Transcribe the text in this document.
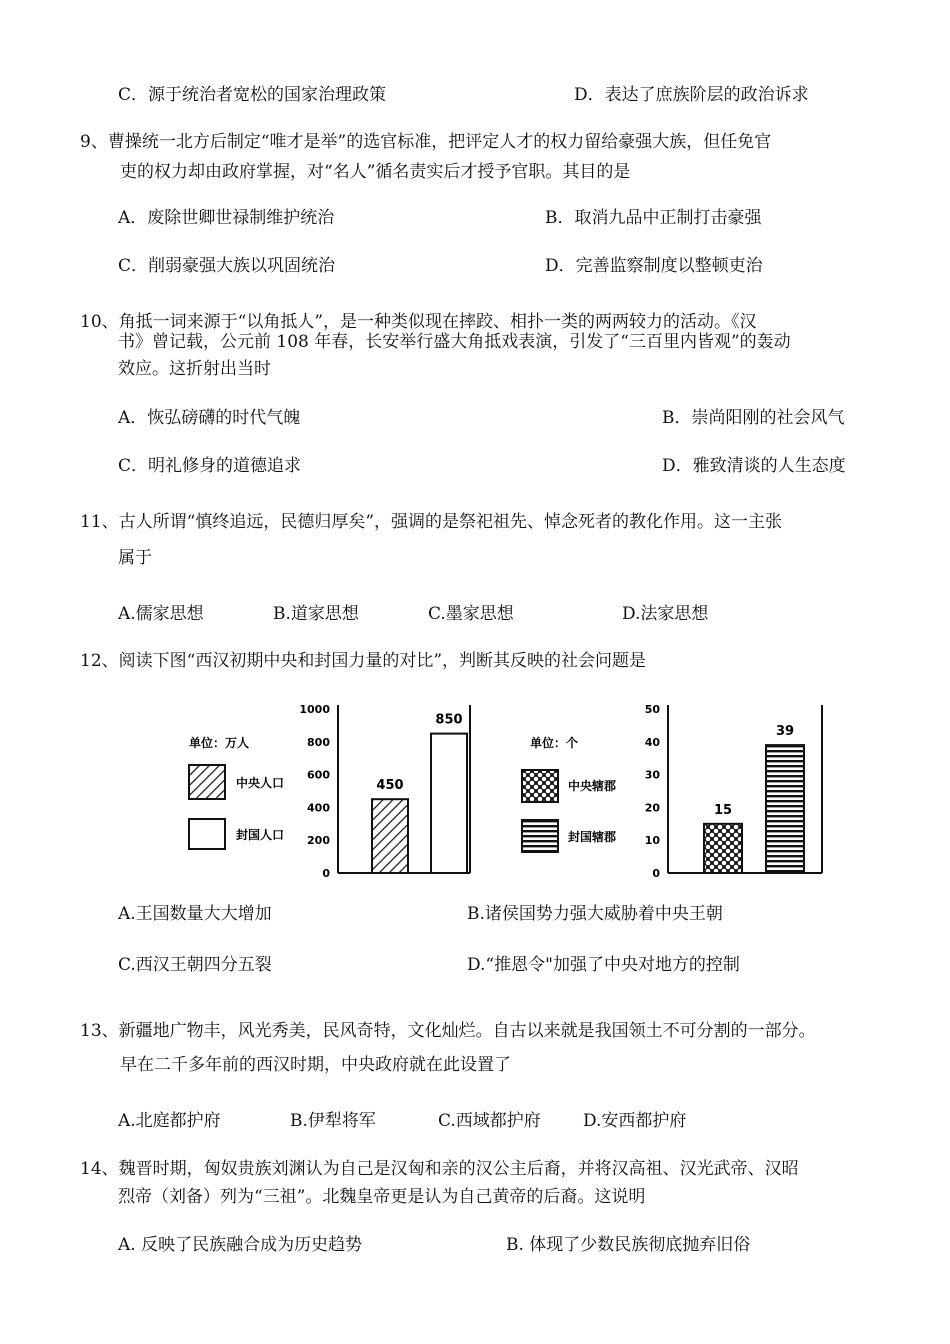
C．源于统治者宽松的国家治理政策	D．表达了庶族阶层的政治诉求
9、曹操统一北方后制定“唯才是举”的选官标准，把评定人才的权力留给豪强大族，但任免官
吏的权力却由政府掌握，对“名人”循名责实后才授予官职。其目的是
A．废除世卿世禄制维护统治	B．取消九品中正制打击豪强
C．削弱豪强大族以巩固统治	D．完善监察制度以整顿吏治
10、角抵一词来源于“以角抵人”，是一种类似现在摔跤、相扑一类的两两较力的活动。《汉
书》曾记载，公元前 108 年春，长安举行盛大角抵戏表演，引发了“三百里内皆观”的轰动
效应。这折射出当时
A．恢弘磅礴的时代气魄	B．崇尚阳刚的社会风气
C．明礼修身的道德追求	D．雅致清谈的人生态度
11、古人所谓“慎终追远，民德归厚矣”，强调的是祭祀祖先、悼念死者的教化作用。这一主张
属于
A.儒家思想	B.道家思想	C.墨家思想	D.法家思想
12、阅读下图“西汉初期中央和封国力量的对比”，判断其反映的社会问题是
单位：万人
中央人口
封国人口
0
200
400
600
800
1000
450
850
单位：个
中央辖郡
封国辖郡
0
10
20
30
40
50
15
39
A.王国数量大大增加	B.诸侯国势力强大威胁着中央王朝
C.西汉王朝四分五裂	D.“推恩令"加强了中央对地方的控制
13、新疆地广物丰，风光秀美，民风奇特，文化灿烂。自古以来就是我国领土不可分割的一部分。
早在二千多年前的西汉时期，中央政府就在此设置了
A.北庭都护府	B.伊犁将军	C.西域都护府 D.安西都护府
14、魏晋时期，匈奴贵族刘渊认为自己是汉匈和亲的汉公主后裔，并将汉高祖、汉光武帝、汉昭
烈帝（刘备）列为“三祖”。北魏皇帝更是认为自己黄帝的后裔。这说明
A. 反映了民族融合成为历史趋势	B. 体现了少数民族彻底抛弃旧俗
